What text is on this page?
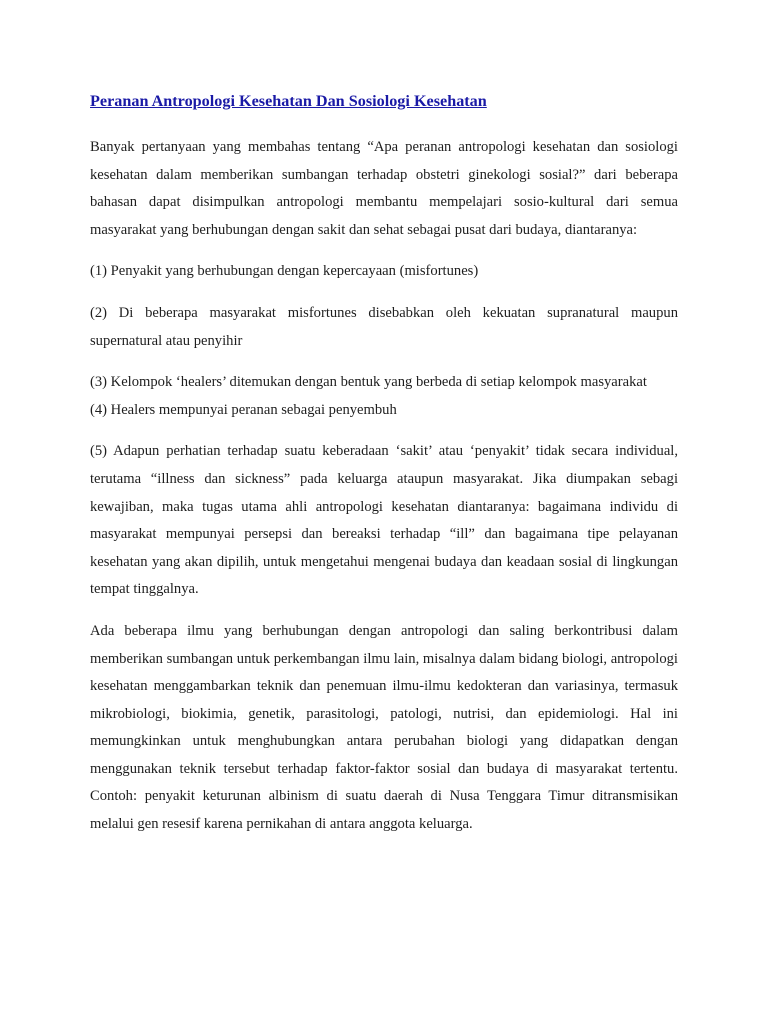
Peranan Antropologi Kesehatan Dan Sosiologi Kesehatan

Banyak pertanyaan yang membahas tentang “Apa peranan antropologi kesehatan dan sosiologi kesehatan dalam memberikan sumbangan terhadap obstetri ginekologi sosial?” dari beberapa bahasan dapat disimpulkan antropologi membantu mempelajari sosio-kultural dari semua masyarakat yang berhubungan dengan sakit dan sehat sebagai pusat dari budaya, diantaranya:

(1) Penyakit yang berhubungan dengan kepercayaan (misfortunes)

(2) Di beberapa masyarakat misfortunes disebabkan oleh kekuatan supranatural maupun supernatural atau penyihir

(3) Kelompok ‘healers’ ditemukan dengan bentuk yang berbeda di setiap kelompok masyarakat

(4) Healers mempunyai peranan sebagai penyembuh

(5) Adapun perhatian terhadap suatu keberadaan ‘sakit’ atau ‘penyakit’ tidak secara individual, terutama “illness dan sickness” pada keluarga ataupun masyarakat. Jika diumpakan sebagi kewajiban, maka tugas utama ahli antropologi kesehatan diantaranya: bagaimana individu di masyarakat mempunyai persepsi dan bereaksi terhadap “ill” dan bagaimana tipe pelayanan kesehatan yang akan dipilih, untuk mengetahui mengenai budaya dan keadaan sosial di lingkungan tempat tinggalnya.

Ada beberapa ilmu yang berhubungan dengan antropologi dan saling berkontribusi dalam memberikan sumbangan untuk perkembangan ilmu lain, misalnya dalam bidang biologi, antropologi kesehatan menggambarkan teknik dan penemuan ilmu-ilmu kedokteran dan variasinya, termasuk mikrobiologi, biokimia, genetik, parasitologi, patologi, nutrisi, dan epidemiologi. Hal ini memungkinkan untuk menghubungkan antara perubahan biologi yang didapatkan dengan menggunakan teknik tersebut terhadap faktor-faktor sosial dan budaya di masyarakat tertentu. Contoh: penyakit keturunan albinism di suatu daerah di Nusa Tenggara Timur ditransmisikan melalui gen resesif karena pernikahan di antara anggota keluarga.
